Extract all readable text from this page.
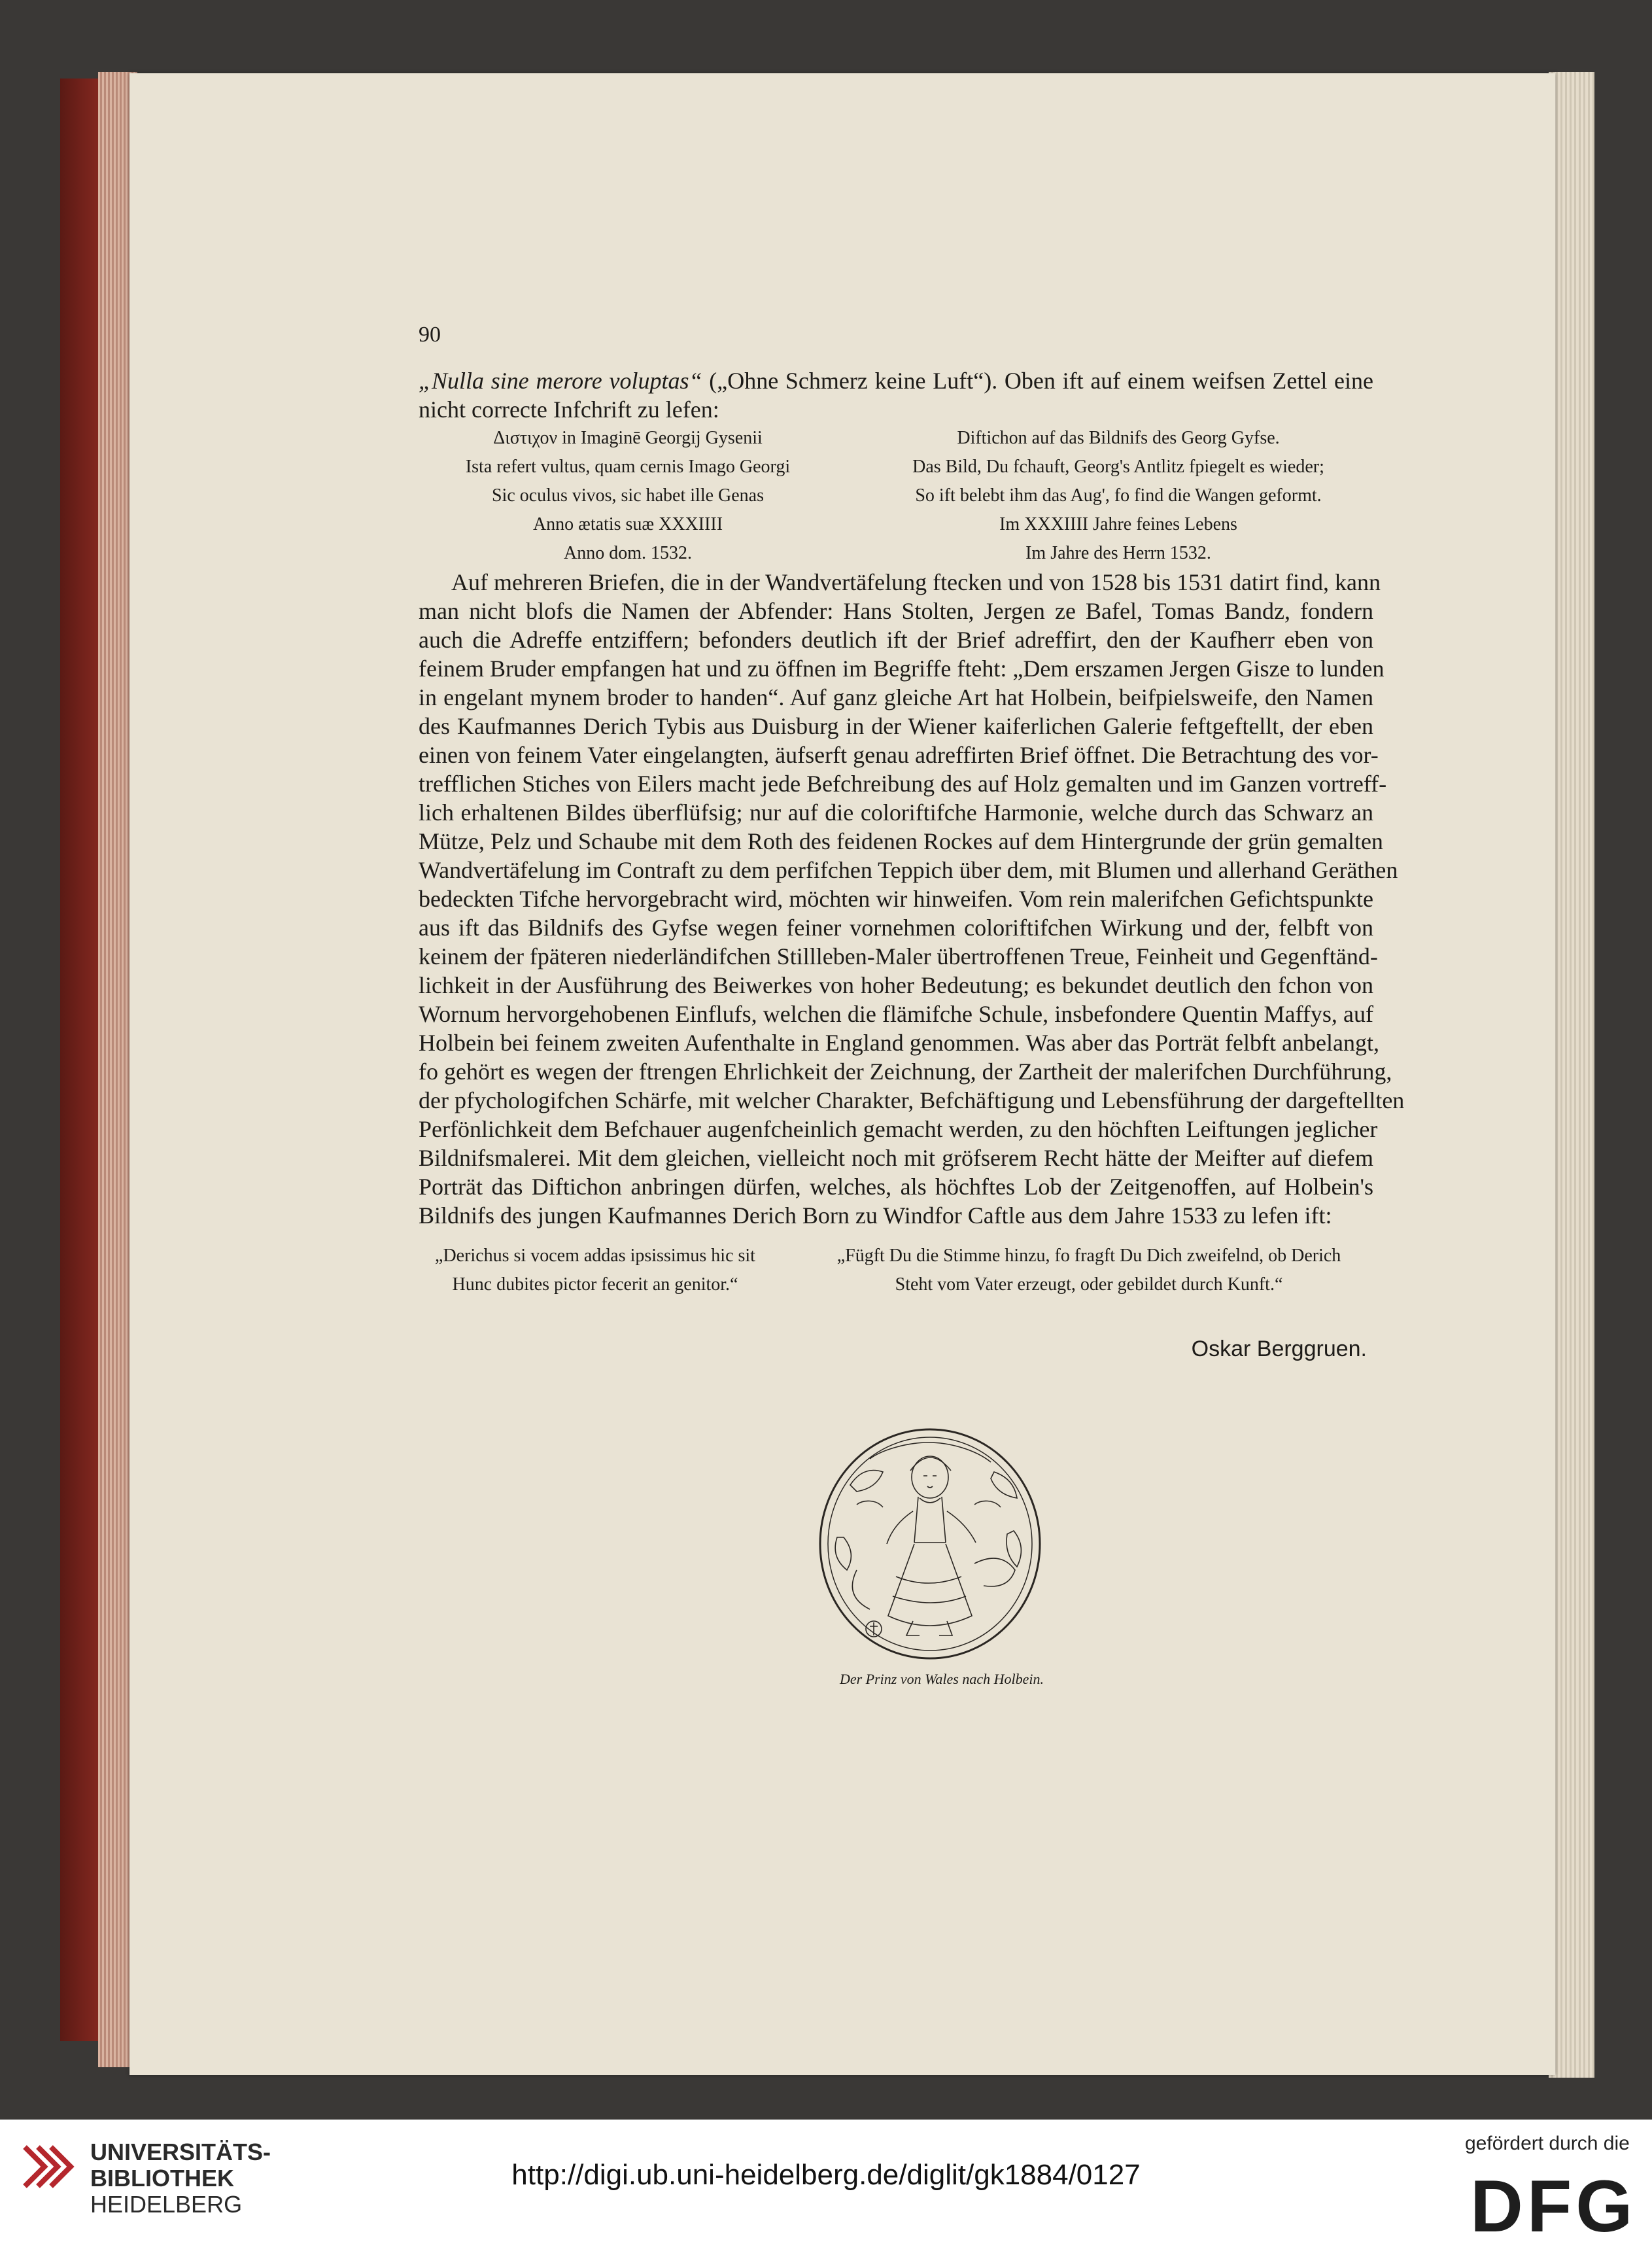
90
„Nulla sine merore voluptas“ („Ohne Schmerz keine Luft“). Oben ift auf einem weifsen Zettel eine
nicht correcte Infchrift zu lefen:
Διστιχον in Imaginē Georgij Gysenii
Ista refert vultus, quam cernis Imago Georgi
Sic oculus vivos, sic habet ille Genas
Anno ætatis suæ XXXIIII
Anno dom. 1532.
Diftichon auf das Bildnifs des Georg Gyfse.
Das Bild, Du fchauft, Georg's Antlitz fpiegelt es wieder;
So ift belebt ihm das Aug', fo find die Wangen geformt.
Im XXXIIII Jahre feines Lebens
Im Jahre des Herrn 1532.
Auf mehreren Briefen, die in der Wandvertäfelung ftecken und von 1528 bis 1531 datirt find, kann
man nicht blofs die Namen der Abfender: Hans Stolten, Jergen ze Bafel, Tomas Bandz, fondern
auch die Adreffe entziffern; befonders deutlich ift der Brief adreffirt, den der Kaufherr eben von
feinem Bruder empfangen hat und zu öffnen im Begriffe fteht: „Dem erszamen Jergen Gisze to lunden
in engelant mynem broder to handen“. Auf ganz gleiche Art hat Holbein, beifpielsweife, den Namen
des Kaufmannes Derich Tybis aus Duisburg in der Wiener kaiferlichen Galerie feftgeftellt, der eben
einen von feinem Vater eingelangten, äufserft genau adreffirten Brief öffnet. Die Betrachtung des vor-
trefflichen Stiches von Eilers macht jede Befchreibung des auf Holz gemalten und im Ganzen vortreff-
lich erhaltenen Bildes überflüfsig; nur auf die coloriftifche Harmonie, welche durch das Schwarz an
Mütze, Pelz und Schaube mit dem Roth des feidenen Rockes auf dem Hintergrunde der grün gemalten
Wandvertäfelung im Contraft zu dem perfifchen Teppich über dem, mit Blumen und allerhand Geräthen
bedeckten Tifche hervorgebracht wird, möchten wir hinweifen. Vom rein malerifchen Gefichtspunkte
aus ift das Bildnifs des Gyfse wegen feiner vornehmen coloriftifchen Wirkung und der, felbft von
keinem der fpäteren niederländifchen Stillleben-Maler übertroffenen Treue, Feinheit und Gegenftänd-
lichkeit in der Ausführung des Beiwerkes von hoher Bedeutung; es bekundet deutlich den fchon von
Wornum hervorgehobenen Einflufs, welchen die flämifche Schule, insbefondere Quentin Maffys, auf
Holbein bei feinem zweiten Aufenthalte in England genommen. Was aber das Porträt felbft anbelangt,
fo gehört es wegen der ftrengen Ehrlichkeit der Zeichnung, der Zartheit der malerifchen Durchführung,
der pfychologifchen Schärfe, mit welcher Charakter, Befchäftigung und Lebensführung der dargeftellten
Perfönlichkeit dem Befchauer augenfcheinlich gemacht werden, zu den höchften Leiftungen jeglicher
Bildnifsmalerei. Mit dem gleichen, vielleicht noch mit gröfserem Recht hätte der Meifter auf diefem
Porträt das Diftichon anbringen dürfen, welches, als höchftes Lob der Zeitgenoffen, auf Holbein's
Bildnifs des jungen Kaufmannes Derich Born zu Windfor Caftle aus dem Jahre 1533 zu lefen ift:
„Derichus si vocem addas ipsissimus hic sit
Hunc dubites pictor fecerit an genitor.“
„Fügft Du die Stimme hinzu, fo fragft Du Dich zweifelnd, ob Derich
Steht vom Vater erzeugt, oder gebildet durch Kunft.“
Oskar Berggruen.
Der Prinz von Wales nach Holbein.
UNIVERSITÄTS-
BIBLIOTHEK
HEIDELBERG
http://digi.ub.uni-heidelberg.de/diglit/gk1884/0127
gefördert durch die
DFG
